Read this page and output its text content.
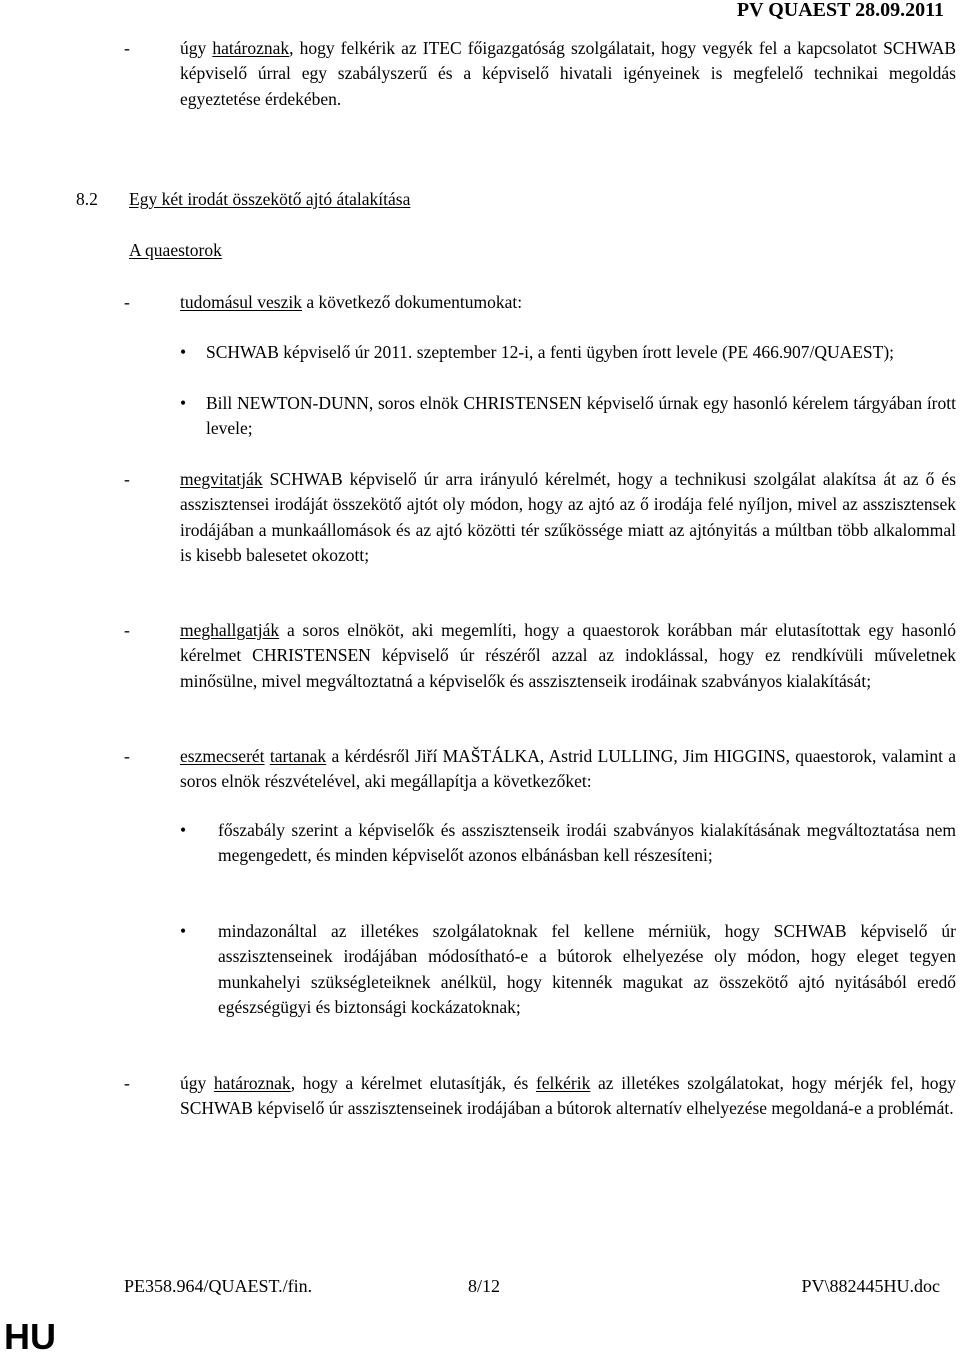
PV QUAEST 28.09.2011
-	úgy határoznak, hogy felkérik az ITEC főigazgatóság szolgálatait, hogy vegyék fel a kapcsolatot SCHWAB képviselő úrral egy szabályszerű és a képviselő hivatali igényeinek is megfelelő technikai megoldás egyeztetése érdekében.
8.2 Egy két irodát összekötő ajtó átalakítása
A quaestorok
-	tudomásul veszik a következő dokumentumokat:
• SCHWAB képviselő úr 2011. szeptember 12-i, a fenti ügyben írott levele (PE 466.907/QUAEST);
• Bill NEWTON-DUNN, soros elnök CHRISTENSEN képviselő úrnak egy hasonló kérelem tárgyában írott levele;
-	megvitatják SCHWAB képviselő úr arra irányuló kérelmét, hogy a technikusi szolgálat alakítsa át az ő és asszisztensei irodáját összekötő ajtót oly módon, hogy az ajtó az ő irodája felé nyíljon, mivel az asszisztensek irodájában a munkaállomások és az ajtó közötti tér szűkössége miatt az ajtónyitás a múltban több alkalommal is kisebb balesetet okozott;
-	meghallgatják a soros elnököt, aki megemlíti, hogy a quaestorok korábban már elutasítottak egy hasonló kérelmet CHRISTENSEN képviselő úr részéről azzal az indoklással, hogy ez rendkívüli műveletnek minősülne, mivel megváltoztatná a képviselők és asszisztenseik irodáinak szabványos kialakítását;
-	eszmecserét tartanak a kérdésről Jiří MAŠTÁLKA, Astrid LULLING, Jim HIGGINS, quaestorok, valamint a soros elnök részvételével, aki megállapítja a következőket:
• főszabály szerint a képviselők és asszisztenseik irodái szabványos kialakításának megváltoztatása nem megengedett, és minden képviselőt azonos elbánásban kell részesíteni;
• mindazonáltal az illetékes szolgálatoknak fel kellene mérniük, hogy SCHWAB képviselő úr asszisztenseinek irodájában módosítható-e a bútorok elhelyezése oly módon, hogy eleget tegyen munkahelyi szükségleteiknek anélkül, hogy kitennék magukat az összekötő ajtó nyitásából eredő egészségügyi és biztonsági kockázatoknak;
-	úgy határoznak, hogy a kérelmet elutasítják, és felkérik az illetékes szolgálatokat, hogy mérjék fel, hogy SCHWAB képviselő úr asszisztenseinek irodájában a bútorok alternatív elhelyezése megoldaná-e a problémát.
PE358.964/QUAEST./fin.	8/12	PV\882445HU.doc
HU
